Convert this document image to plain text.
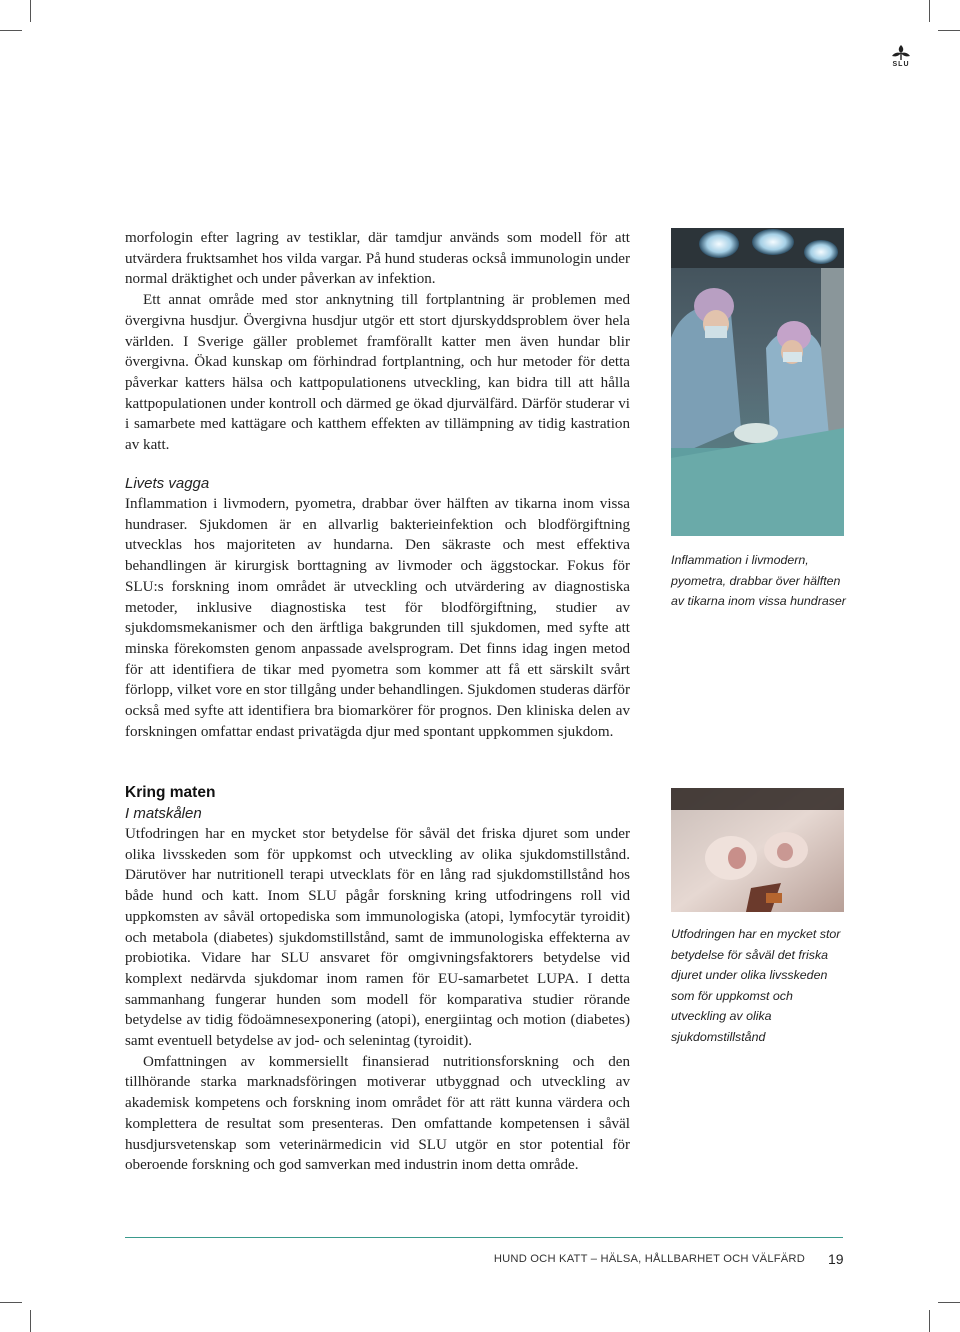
SLU

morfologin efter lagring av testiklar, där tamdjur används som modell för att utvärdera fruktsamhet hos vilda vargar. På hund studeras också immunologin under normal dräktighet och under påverkan av infektion.

Ett annat område med stor anknytning till fortplantning är problemen med övergivna husdjur. Övergivna husdjur utgör ett stort djurskyddsproblem över hela världen. I Sverige gäller problemet framförallt katter men även hundar blir övergivna. Ökad kunskap om förhindrad fortplantning, och hur metoder för detta påverkar katters hälsa och kattpopulationens utveckling, kan bidra till att hålla kattpopulationen under kontroll och därmed ge ökad djurvälfärd. Därför studerar vi i samarbete med kattägare och katthem effekten av tillämpning av tidig kastration av katt.

Livets vagga

Inflammation i livmodern, pyometra, drabbar över hälften av tikarna inom vissa hundraser. Sjukdomen är en allvarlig bakterieinfektion och blodförgiftning utvecklas hos majoriteten av hundarna. Den säkraste och mest effektiva behandlingen är kirurgisk borttagning av livmoder och äggstockar. Fokus för SLU:s forskning inom området är utveckling och utvärdering av diagnostiska metoder, inklusive diagnostiska test för blodförgiftning, studier av sjukdomsmekanismer och den ärftliga bakgrunden till sjukdomen, med syfte att minska förekomsten genom anpassade avelsprogram. Det finns idag ingen metod för att identifiera de tikar med pyometra som kommer att få ett särskilt svårt förlopp, vilket vore en stor tillgång under behandlingen. Sjukdomen studeras därför också med syfte att identifiera bra biomarkörer för prognos. Den kliniska delen av forskningen omfattar endast privatägda djur med spontant uppkommen sjukdom.

Kring maten

I matskålen

Utfodringen har en mycket stor betydelse för såväl det friska djuret som under olika livsskeden som för uppkomst och utveckling av olika sjukdomstillstånd. Därutöver har nutritionell terapi utvecklats för en lång rad sjukdomstillstånd hos både hund och katt. Inom SLU pågår forskning kring utfodringens roll vid uppkomsten av såväl ortopediska som immunologiska (atopi, lymfocytär tyroidit) och metabola (diabetes) sjukdomstillstånd, samt de immunologiska effekterna av probiotika. Vidare har SLU ansvaret för omgivningsfaktorers betydelse vid komplext nedärvda sjukdomar inom ramen för EU-samarbetet LUPA. I detta sammanhang fungerar hunden som modell för komparativa studier rörande betydelse av tidig födoämnesexponering (atopi), energiintag och motion (diabetes) samt eventuell betydelse av jod- och selenintag (tyroidit).

Omfattningen av kommersiellt finansierad nutritionsforskning och den tillhörande starka marknadsföringen motiverar utbyggnad och utveckling av akademisk kompetens och forskning inom området för att rätt kunna värdera och komplettera de resultat som presenteras. Den omfattande kompetensen i såväl husdjursvetenskap som veterinärmedicin vid SLU utgör en stor potential för oberoende forskning och god samverkan med industrin inom detta område.

Inflammation i livmodern, pyometra, drabbar över hälften av tikarna inom vissa hundraser

Utfodringen har en mycket stor betydelse för såväl det friska djuret under olika livsskeden som för uppkomst och utveckling av olika sjukdomstillstånd

HUND OCH KATT – HÄLSA, HÅLLBARHET OCH VÄLFÄRD 19
